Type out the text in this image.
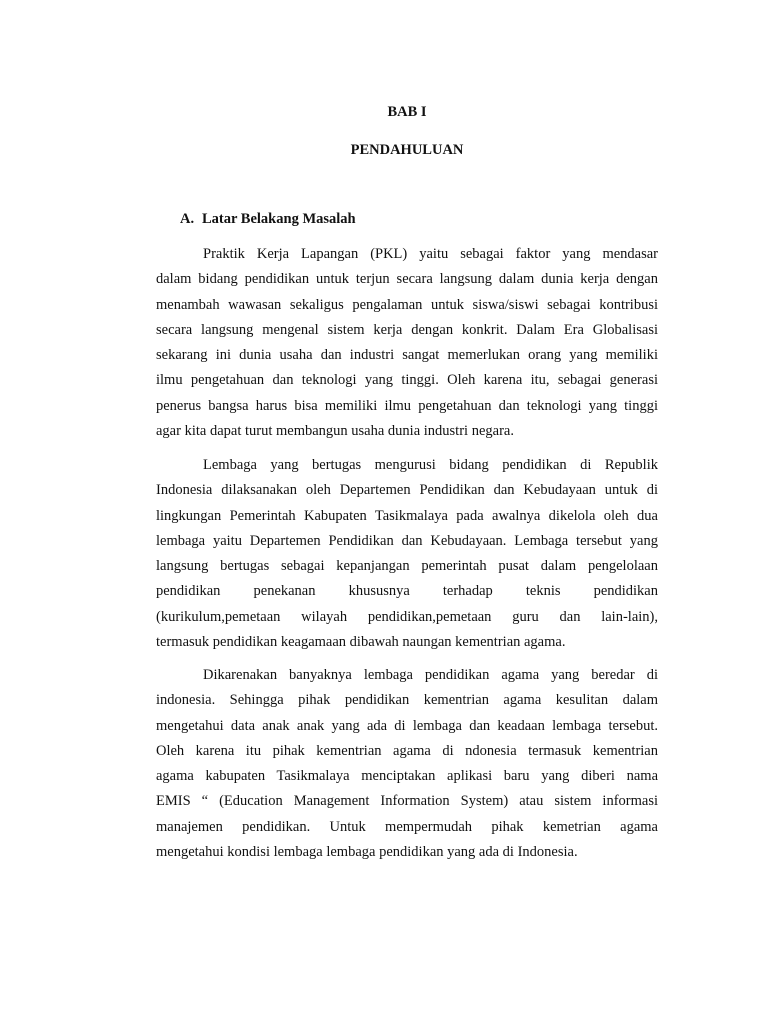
BAB I
PENDAHULUAN
A. Latar Belakang Masalah
Praktik Kerja Lapangan (PKL) yaitu sebagai faktor yang mendasar
dalam bidang pendidikan untuk terjun secara langsung dalam dunia kerja dengan
menambah wawasan sekaligus pengalaman untuk siswa/siswi sebagai kontribusi
secara langsung mengenal sistem kerja dengan konkrit. Dalam Era Globalisasi
sekarang ini dunia usaha dan industri sangat memerlukan orang yang memiliki
ilmu pengetahuan dan teknologi yang tinggi. Oleh karena itu, sebagai generasi
penerus bangsa harus bisa memiliki ilmu pengetahuan dan teknologi yang tinggi
agar kita dapat turut membangun usaha dunia industri negara.
Lembaga yang bertugas mengurusi bidang pendidikan di Republik
Indonesia dilaksanakan oleh Departemen Pendidikan dan Kebudayaan untuk di
lingkungan Pemerintah Kabupaten Tasikmalaya pada awalnya dikelola oleh dua
lembaga yaitu Departemen Pendidikan dan Kebudayaan. Lembaga tersebut yang
langsung bertugas sebagai kepanjangan pemerintah pusat dalam pengelolaan
pendidikan penekanan khususnya terhadap teknis pendidikan
(kurikulum,pemetaan wilayah pendidikan,pemetaan guru dan lain-lain),
termasuk pendidikan keagamaan dibawah naungan kementrian agama.
Dikarenakan banyaknya lembaga pendidikan agama yang beredar di
indonesia. Sehingga pihak pendidikan kementrian agama kesulitan dalam
mengetahui data anak anak yang ada di lembaga dan keadaan lembaga tersebut.
Oleh karena itu pihak kementrian agama di ndonesia termasuk kementrian
agama kabupaten Tasikmalaya menciptakan aplikasi baru yang diberi nama
EMIS “ (Education Management Information System) atau sistem informasi
manajemen pendidikan. Untuk mempermudah pihak kemetrian agama
mengetahui kondisi lembaga lembaga pendidikan yang ada di Indonesia.
